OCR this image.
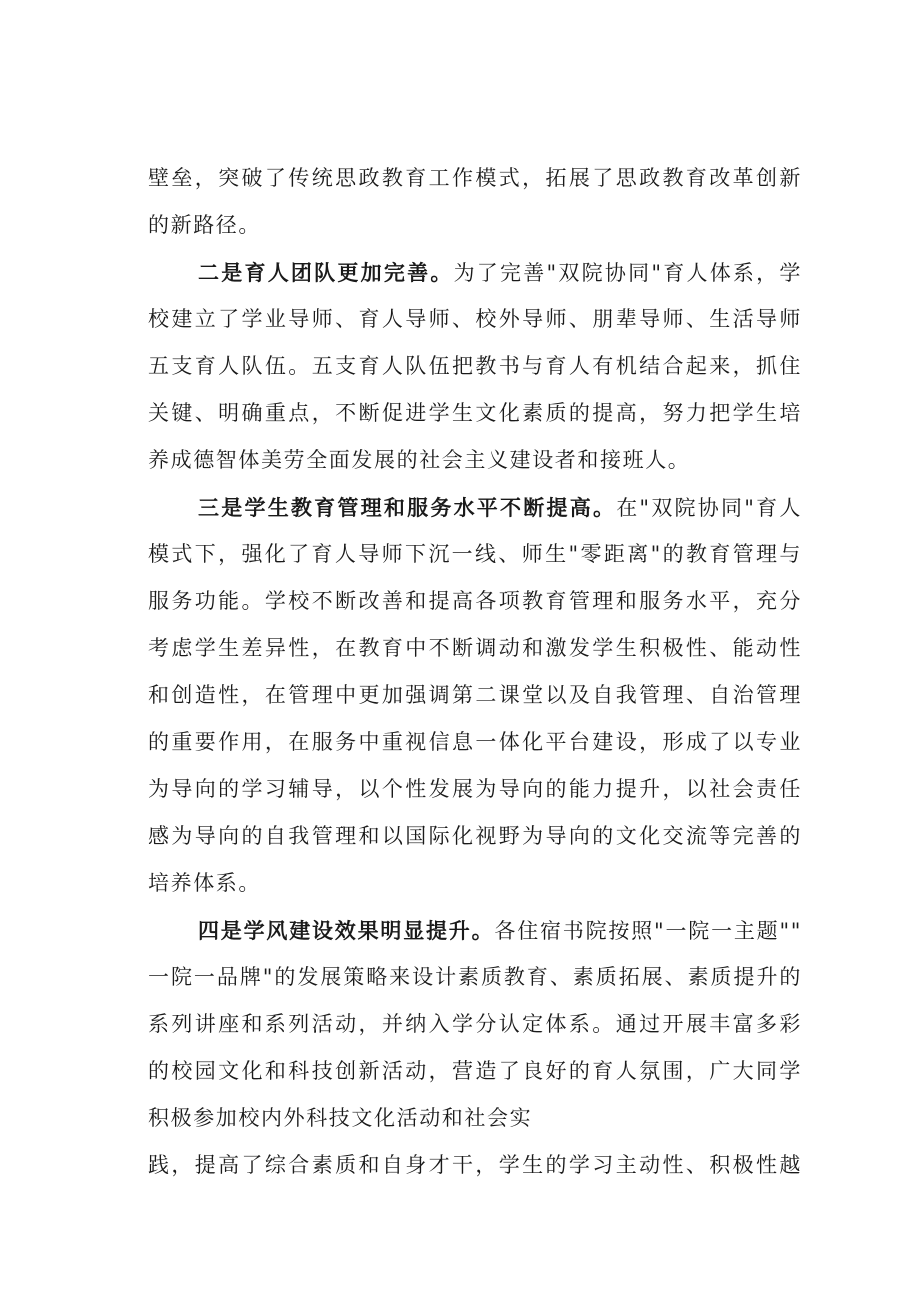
壁垒，突破了传统思政教育工作模式，拓展了思政教育改革创新
的新路径。
二是育人团队更加完善。为了完善"双院协同"育人体系，学
校建立了学业导师、育人导师、校外导师、朋辈导师、生活导师
五支育人队伍。五支育人队伍把教书与育人有机结合起来，抓住
关键、明确重点，不断促进学生文化素质的提高，努力把学生培
养成德智体美劳全面发展的社会主义建设者和接班人。
三是学生教育管理和服务水平不断提高。在"双院协同"育人
模式下，强化了育人导师下沉一线、师生"零距离"的教育管理与
服务功能。学校不断改善和提高各项教育管理和服务水平，充分
考虑学生差异性，在教育中不断调动和激发学生积极性、能动性
和创造性，在管理中更加强调第二课堂以及自我管理、自治管理
的重要作用，在服务中重视信息一体化平台建设，形成了以专业
为导向的学习辅导，以个性发展为导向的能力提升，以社会责任
感为导向的自我管理和以国际化视野为导向的文化交流等完善的
培养体系。
四是学风建设效果明显提升。各住宿书院按照"一院一主题""
一院一品牌"的发展策略来设计素质教育、素质拓展、素质提升的
系列讲座和系列活动，并纳入学分认定体系。通过开展丰富多彩
的校园文化和科技创新活动，营造了良好的育人氛围，广大同学
积极参加校内外科技文化活动和社会实
践，提高了综合素质和自身才干，学生的学习主动性、积极性越
